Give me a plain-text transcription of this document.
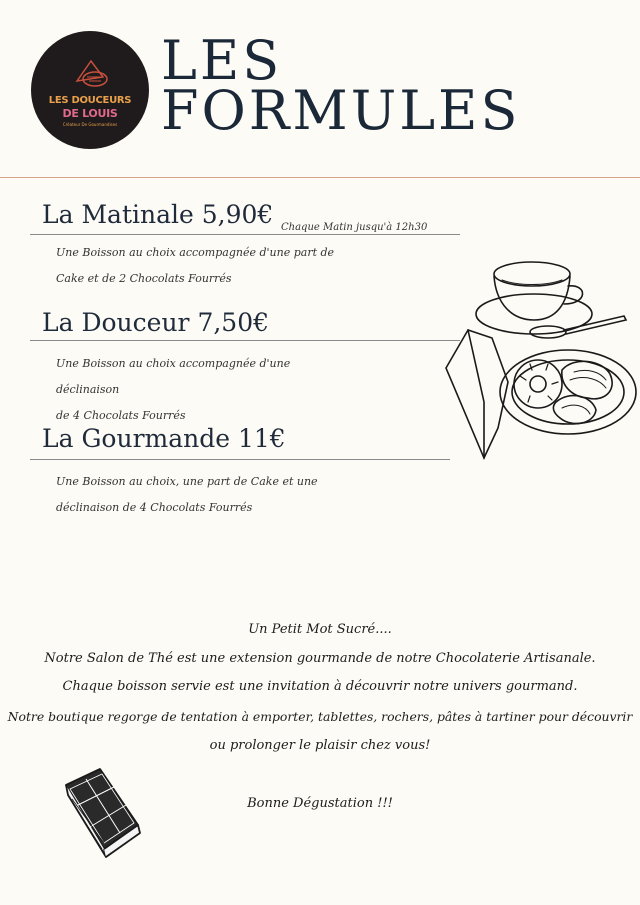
LES DOUCEURS
DE LOUIS
Créateur De Gourmandises
LES
FORMULES
La Matinale 5,90€ Chaque Matin jusqu'à 12h30
Une Boisson au choix accompagnée d'une part de
Cake et de 2 Chocolats Fourrés
La Douceur 7,50€
Une Boisson au choix accompagnée d'une déclinaison
de 4 Chocolats Fourrés
La Gourmande 11€
Une Boisson au choix, une part de Cake et une
déclinaison de 4 Chocolats Fourrés
Un Petit Mot Sucré....
Notre Salon de Thé est une extension gourmande de notre Chocolaterie Artisanale.
Chaque boisson servie est une invitation à découvrir notre univers gourmand.
Notre boutique regorge de tentation à emporter, tablettes, rochers, pâtes à tartiner pour découvrir
ou prolonger le plaisir chez vous!
Bonne Dégustation !!!
